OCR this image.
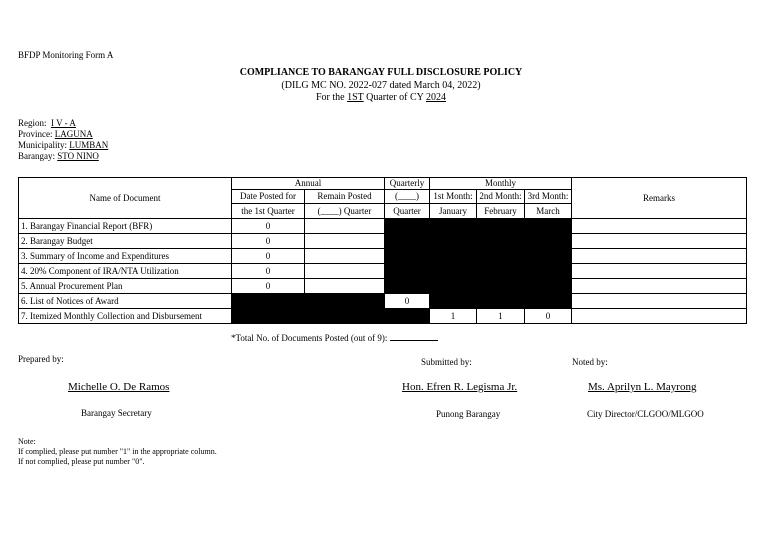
BFDP Monitoring Form A
COMPLIANCE TO BARANGAY FULL DISCLOSURE POLICY
(DILG MC NO. 2022-027 dated March 04, 2022)
For the 1ST Quarter of CY 2024
Region: I V - A
Province: LAGUNA
Municipality: LUMBAN
Barangay: STO NINO
Name of Document	Annual		Quarterly	Monthly			Remarks
	Date Posted for	Remain Posted	(____)	1st Month:	2nd Month:	3rd Month:	
	the 1st Quarter	(____) Quarter	Quarter	January	February	March	
1. Barangay Financial Report (BFR)	0						
2. Barangay Budget	0						
3. Summary of Income and Expenditures	0						
4. 20% Component of IRA/NTA Utilization	0						
5. Annual Procurement Plan	0						
6. List of Notices of Award			0				
7. Itemized Monthly Collection and Disbursement				1	1	0	
*Total No. of Documents Posted (out of 9):
Prepared by:
Michelle O. De Ramos
Barangay Secretary
Submitted by:
Hon. Efren R. Legisma Jr.
Punong Barangay
Noted by:
Ms. Aprilyn L. Mayrong
City Director/CLGOO/MLGOO
Note:
If complied, please put number "1" in the appropriate column.
If not complied, please put number "0".
